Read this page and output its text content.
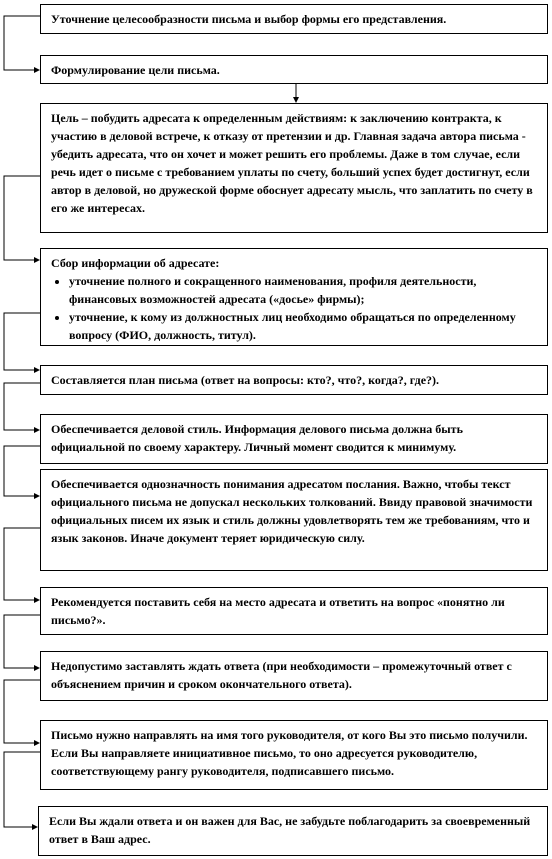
Уточнение целесообразности письма и выбор формы его представления.

Формулирование цели письма.

Цель – побудить адресата к определенным действиям: к заключению контракта, к участию в деловой встрече, к отказу от претензии и др. Главная задача автора письма - убедить адресата, что он хочет и может решить его проблемы. Даже в том случае, если речь идет о письме с требованием уплаты по счету, больший успех будет достигнут, если автор в деловой, но дружеской форме обоснует адресату мысль, что заплатить по счету в его же интересах.

Сбор информации об адресате:

• уточнение полного и сокращенного наименования, профиля деятельности, финансовых возможностей адресата («досье» фирмы);
• уточнение, к кому из должностных лиц необходимо обращаться по определенному вопросу (ФИО, должность, титул).

Составляется план письма (ответ на вопросы: кто?, что?, когда?, где?).

Обеспечивается деловой стиль. Информация делового письма должна быть официальной по своему характеру. Личный момент сводится к минимуму.

Обеспечивается однозначность понимания адресатом послания. Важно, чтобы текст официального письма не допускал нескольких толкований. Ввиду правовой значимости официальных писем их язык и стиль должны удовлетворять тем же требованиям, что и язык законов. Иначе документ теряет юридическую силу.

Рекомендуется поставить себя на место адресата и ответить на вопрос «понятно ли письмо?».

Недопустимо заставлять ждать ответа (при необходимости – промежуточный ответ с объяснением причин и сроком окончательного ответа).

Письмо нужно направлять на имя того руководителя, от кого Вы это письмо получили. Если Вы направляете инициативное письмо, то оно адресуется руководителю, соответствующему рангу руководителя, подписавшего письмо.

Если Вы ждали ответа и он важен для Вас, не забудьте поблагодарить за своевременный ответ в Ваш адрес.
